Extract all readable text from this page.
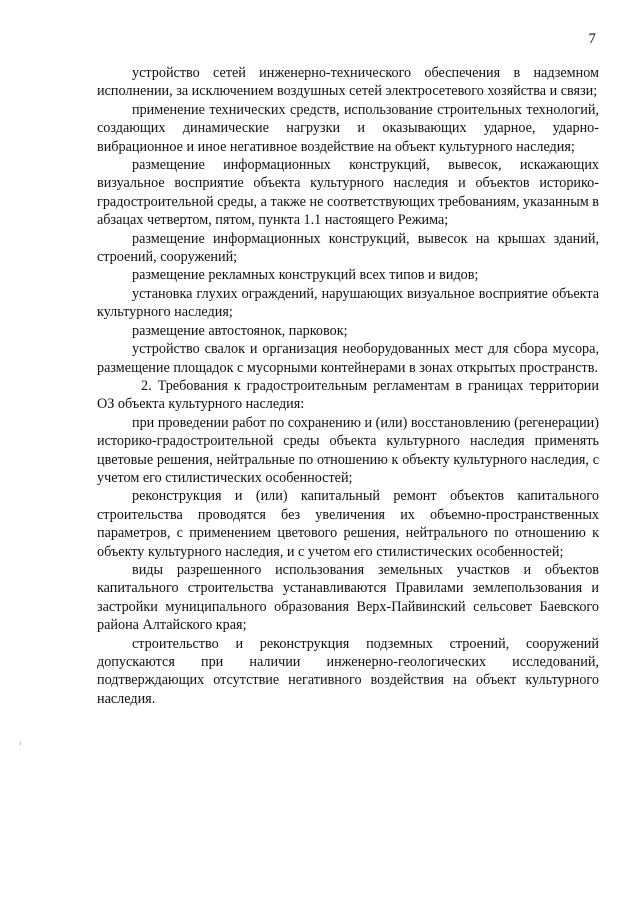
7

устройство сетей инженерно-технического обеспечения в надземном исполнении, за исключением воздушных сетей электросетевого хозяйства и связи;

применение технических средств, использование строительных технологий, создающих динамические нагрузки и оказывающих ударное, ударно-вибрационное и иное негативное воздействие на объект культурного наследия;

размещение информационных конструкций, вывесок, искажающих визуальное восприятие объекта культурного наследия и объектов историко-градостроительной среды, а также не соответствующих требованиям, указанным в абзацах четвертом, пятом, пункта 1.1 настоящего Режима;

размещение информационных конструкций, вывесок на крышах зданий, строений, сооружений;

размещение рекламных конструкций всех типов и видов;

установка глухих ограждений, нарушающих визуальное восприятие объекта культурного наследия;

размещение автостоянок, парковок;

устройство свалок и организация необорудованных мест для сбора мусора, размещение площадок с мусорными контейнерами в зонах открытых пространств.

2. Требования к градостроительным регламентам в границах территории ОЗ объекта культурного наследия:

при проведении работ по сохранению и (или) восстановлению (регенерации) историко-градостроительной среды объекта культурного наследия применять цветовые решения, нейтральные по отношению к объекту культурного наследия, с учетом его стилистических особенностей;

реконструкция и (или) капитальный ремонт объектов капитального строительства проводятся без увеличения их объемно-пространственных параметров, с применением цветового решения, нейтрального по отношению к объекту культурного наследия, и с учетом его стилистических особенностей;

виды разрешенного использования земельных участков и объектов капитального строительства устанавливаются Правилами землепользования и застройки муниципального образования Верх-Пайвинский сельсовет Баевского района Алтайского края;

строительство и реконструкция подземных строений, сооружений допускаются при наличии инженерно-геологических исследований, подтверждающих отсутствие негативного воздействия на объект культурного наследия.
